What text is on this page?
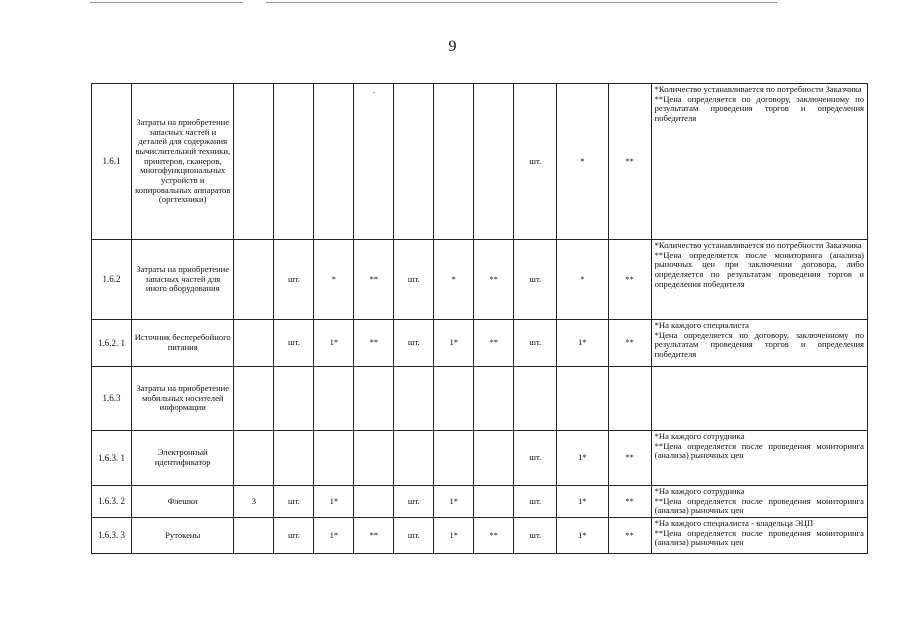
9
1.6.1	Затраты на приобретение запасных частей и деталей для содержания вычислительной техники, принтеров, сканеров, многофункциональных устройств и копировальных аппаратов (оргтехники)				.				шт.	*	**	*Количество устанавливается по потребности Заказчика
**Цена определяется по договору, заключенному по результатам проведения торгов и определения победителя

1.6.2	Затраты на приобретение запасных частей для иного оборудования		шт.	*	**	шт.	*	**	шт.	*	**	*Количество устанавливается по потребности Заказчика
**Цена определяется после мониторинга (анализа) рыночных цен при заключении договора, либо определяется по результатам проведения торгов и определения победителя

1.6.2. 1	Источник бесперебойного питания		шт.	1*	**	шт.	1*	**	шт.	1*	**	*На каждого специалиста
*Цена определяется по договору, заключенному по результатам проведения торгов и определения победителя

1.6.3	Затраты на приобретение мобильных носителей информации											
1.6.3. 1	Электронный идентификатор								шт.	1*	**	*На каждого сотрудника
**Цена определяется после проведения мониторинга (анализа) рыночных цен

1.6.3. 2	Флешки	3	шт.	1*		шт.	1*		шт.	1*	**	*На каждого сотрудника
**Цена определяется после проведения мониторинга (анализа) рыночных цен

1.6.3. 3	Рутокены		шт.	1*	**	шт.	1*	**	шт.	1*	**	*На каждого специалиста - владельца ЭЦП
**Цена определяется после проведения мониторинга (анализа) рыночных цен
